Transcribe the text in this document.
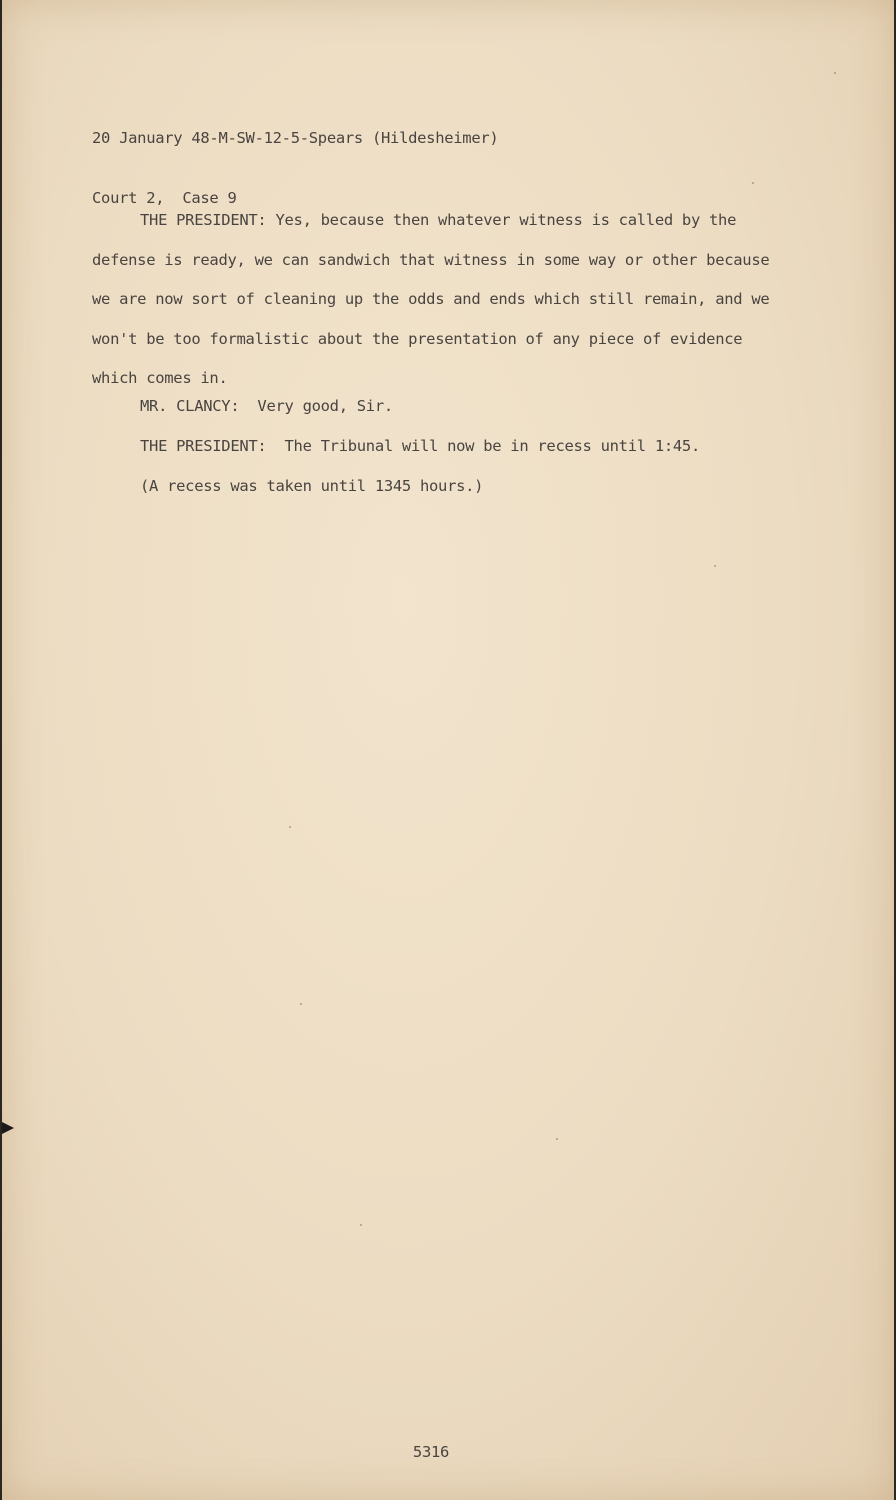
20 January 48-M-SW-12-5-Spears (Hildesheimer)

Court 2,  Case 9

THE PRESIDENT: Yes, because then whatever witness is called by the defense is ready, we can sandwich that witness in some way or other because we are now sort of cleaning up the odds and ends which still remain, and we won't be too formalistic about the presentation of any piece of evidence which comes in.
MR. CLANCY:  Very good, Sir.
THE PRESIDENT:  The Tribunal will now be in recess until 1:45.
(A recess was taken until 1345 hours.)
5316
